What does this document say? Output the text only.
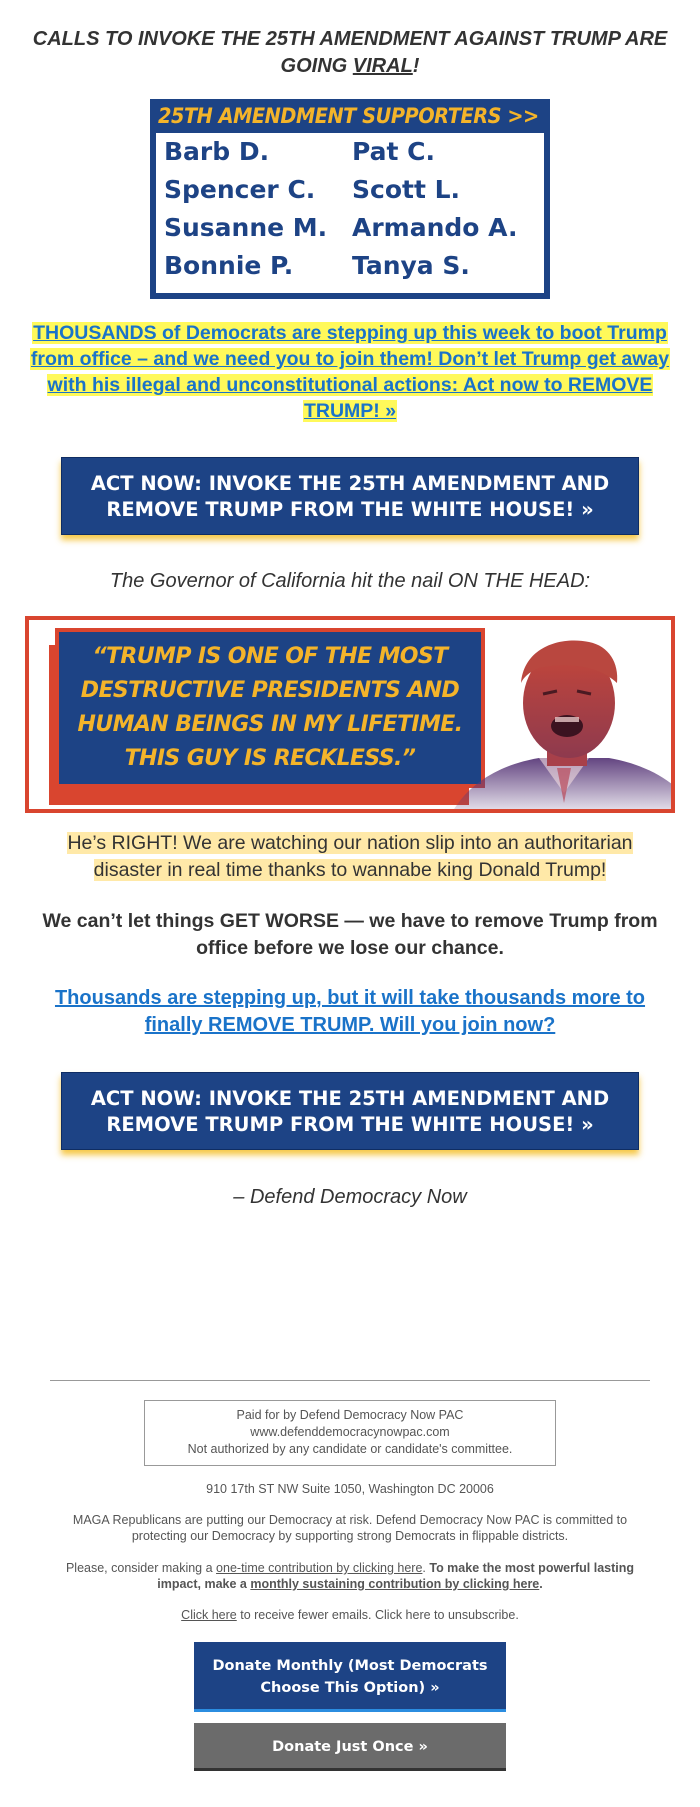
CALLS TO INVOKE THE 25TH AMENDMENT AGAINST TRUMP ARE GOING VIRAL!
25TH AMENDMENT SUPPORTERS >>
Barb D.	Pat C.
Spencer C. Scott L.
Susanne M. Armando A.
Bonnie P. Tanya S.
THOUSANDS of Democrats are stepping up this week to boot Trump from office – and we need you to join them! Don’t let Trump get away with his illegal and unconstitutional actions: Act now to REMOVE TRUMP! »
ACT NOW: INVOKE THE 25TH AMENDMENT AND
REMOVE TRUMP FROM THE WHITE HOUSE! »
The Governor of California hit the nail ON THE HEAD:
“TRUMP IS ONE OF THE MOST
DESTRUCTIVE PRESIDENTS AND
HUMAN BEINGS IN MY LIFETIME.
THIS GUY IS RECKLESS.”
He’s RIGHT! We are watching our nation slip into an authoritarian disaster in real time thanks to wannabe king Donald Trump!
We can’t let things GET WORSE — we have to remove Trump from office before we lose our chance.
Thousands are stepping up, but it will take thousands more to finally REMOVE TRUMP. Will you join now?
ACT NOW: INVOKE THE 25TH AMENDMENT AND
REMOVE TRUMP FROM THE WHITE HOUSE! »
– Defend Democracy Now
Paid for by Defend Democracy Now PAC
www.defenddemocracynowpac.com
Not authorized by any candidate or candidate's committee.
910 17th ST NW Suite 1050, Washington DC 20006
MAGA Republicans are putting our Democracy at risk. Defend Democracy Now PAC is committed to protecting our Democracy by supporting strong Democrats in flippable districts.
Please, consider making a one-time contribution by clicking here. To make the most powerful lasting impact, make a monthly sustaining contribution by clicking here.
Click here to receive fewer emails. Click here to unsubscribe.
Donate Monthly (Most Democrats
Choose This Option) »
Donate Just Once »
